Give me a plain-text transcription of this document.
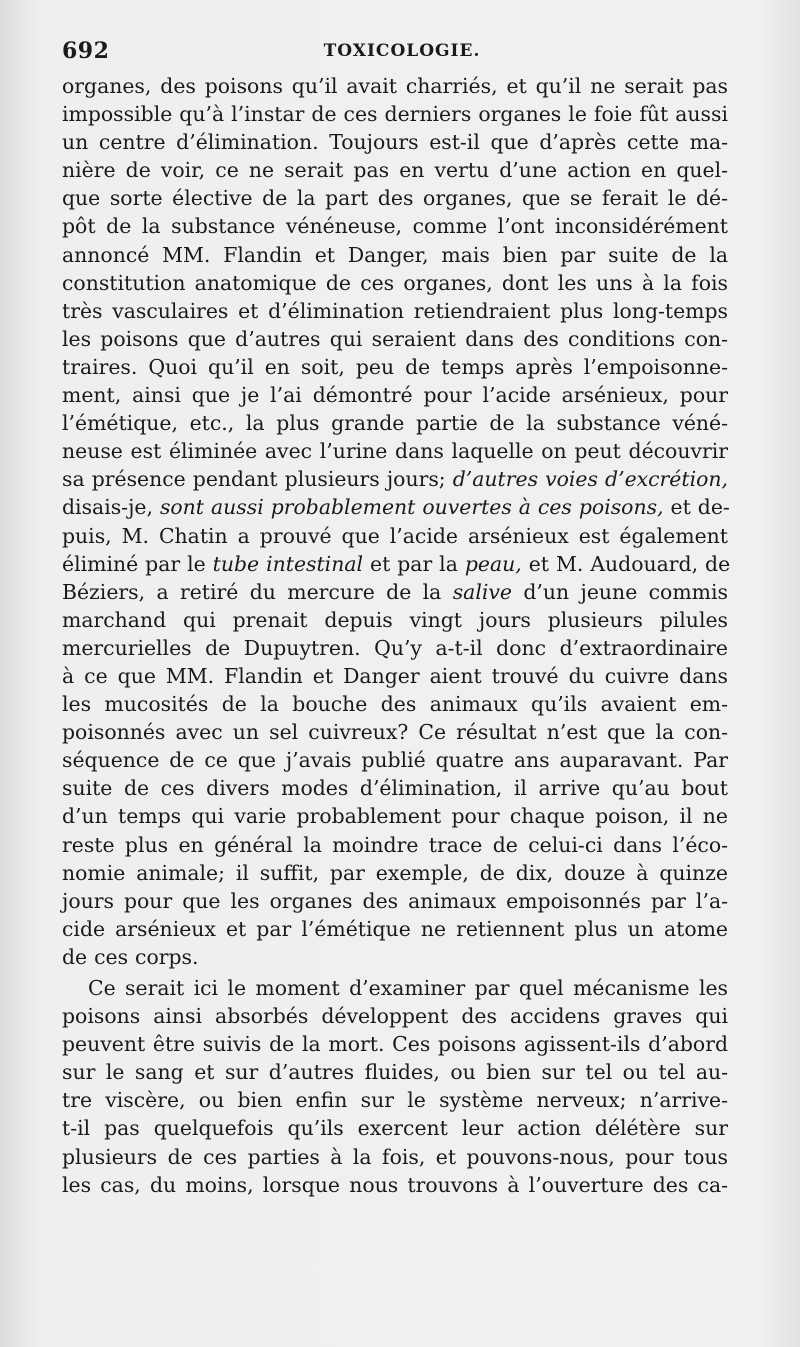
692	TOXICOLOGIE.
organes, des poisons qu’il avait charriés, et qu’il ne serait pas
impossible qu’à l’instar de ces derniers organes le foie fût aussi
un centre d’élimination. Toujours est-il que d’après cette ma-
nière de voir, ce ne serait pas en vertu d’une action en quel-
que sorte élective de la part des organes, que se ferait le dé-
pôt de la substance vénéneuse, comme l’ont inconsidérément
annoncé MM. Flandin et Danger, mais bien par suite de la
constitution anatomique de ces organes, dont les uns à la fois
très vasculaires et d’élimination retiendraient plus long-temps
les poisons que d’autres qui seraient dans des conditions con-
traires. Quoi qu’il en soit, peu de temps après l’empoisonne-
ment, ainsi que je l’ai démontré pour l’acide arsénieux, pour
l’émétique, etc., la plus grande partie de la substance véné-
neuse est éliminée avec l’urine dans laquelle on peut découvrir
sa présence pendant plusieurs jours; d’autres voies d’excrétion,
disais-je, sont aussi probablement ouvertes à ces poisons, et de-
puis, M. Chatin a prouvé que l’acide arsénieux est également
éliminé par le tube intestinal et par la peau, et M. Audouard, de
Béziers, a retiré du mercure de la salive d’un jeune commis
marchand qui prenait depuis vingt jours plusieurs pilules
mercurielles de Dupuytren. Qu’y a-t-il donc d’extraordinaire
à ce que MM. Flandin et Danger aient trouvé du cuivre dans
les mucosités de la bouche des animaux qu’ils avaient em-
poisonnés avec un sel cuivreux? Ce résultat n’est que la con-
séquence de ce que j’avais publié quatre ans auparavant. Par
suite de ces divers modes d’élimination, il arrive qu’au bout
d’un temps qui varie probablement pour chaque poison, il ne
reste plus en général la moindre trace de celui-ci dans l’éco-
nomie animale; il suffit, par exemple, de dix, douze à quinze
jours pour que les organes des animaux empoisonnés par l’a-
cide arsénieux et par l’émétique ne retiennent plus un atome
de ces corps.
Ce serait ici le moment d’examiner par quel mécanisme les
poisons ainsi absorbés développent des accidens graves qui
peuvent être suivis de la mort. Ces poisons agissent-ils d’abord
sur le sang et sur d’autres fluides, ou bien sur tel ou tel au-
tre viscère, ou bien enfin sur le système nerveux; n’arrive-
t-il pas quelquefois qu’ils exercent leur action délétère sur
plusieurs de ces parties à la fois, et pouvons-nous, pour tous
les cas, du moins, lorsque nous trouvons à l’ouverture des ca-
